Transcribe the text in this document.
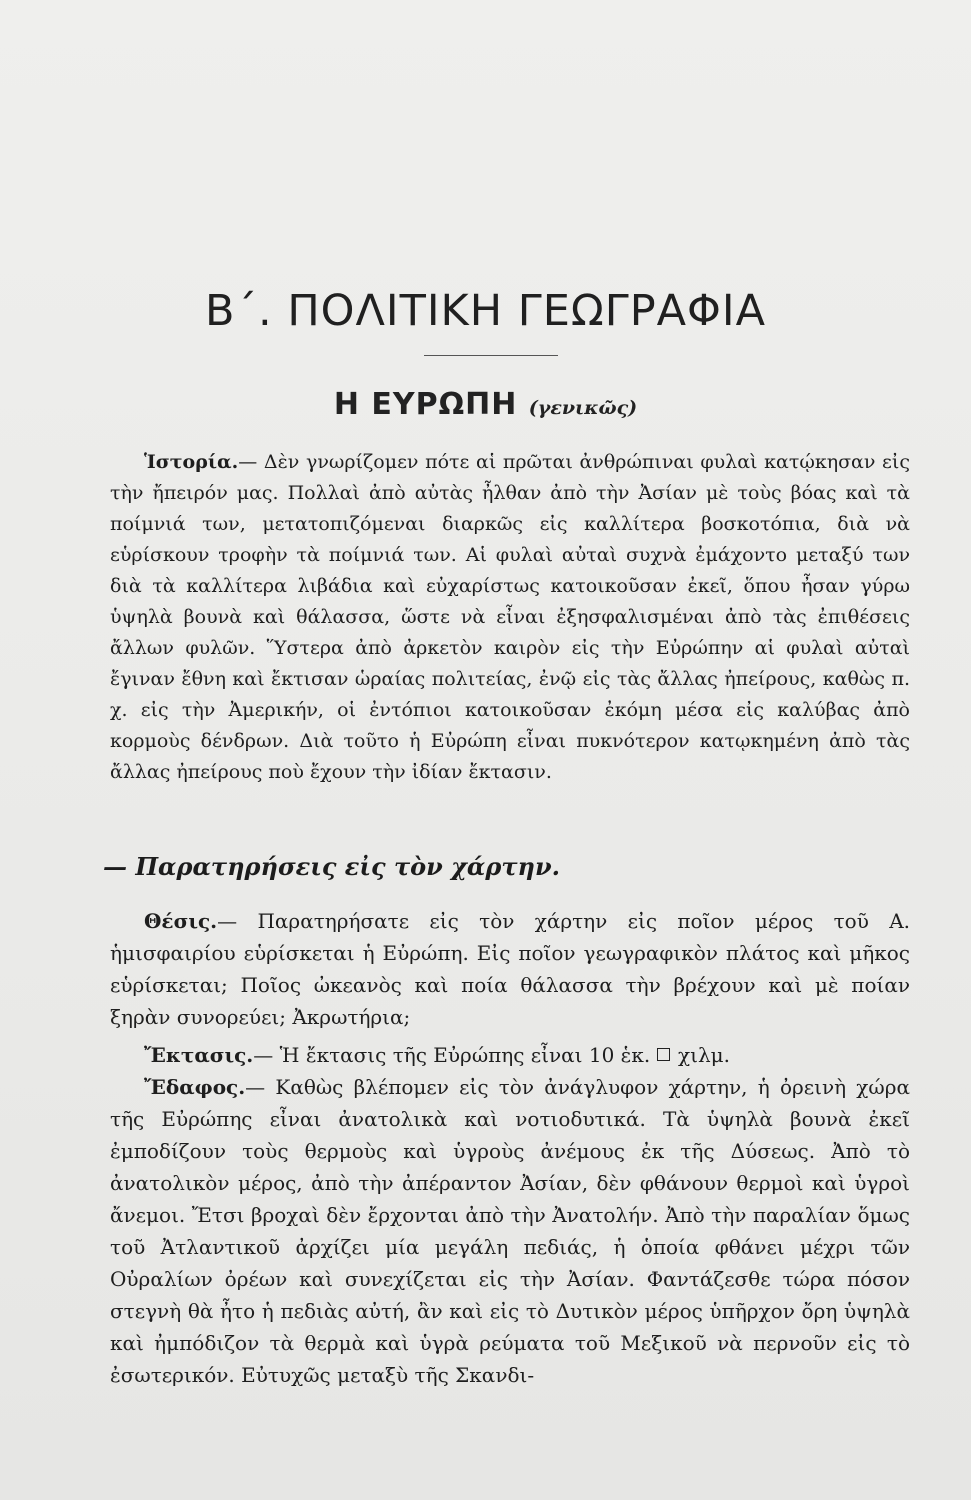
Β΄. ΠΟΛΙΤΙΚΗ ΓΕΩΓΡΑΦΙΑ
Η ΕΥΡΩΠΗ (γενικῶς)

Ἱστορία.— Δὲν γνωρίζομεν πότε αἱ πρῶται ἀνθρώπιναι φυλαὶ κατῴκησαν εἰς τὴν ἤπειρόν μας. Πολλαὶ ἀπὸ αὐτὰς ἦλθαν ἀπὸ τὴν Ἀσίαν μὲ τοὺς βόας καὶ τὰ ποίμνιά των, μετατοπιζόμεναι διαρκῶς εἰς καλλίτερα βοσκοτόπια, διὰ νὰ εὑρίσκουν τροφὴν τὰ ποίμνιά των. Αἱ φυλαὶ αὐταὶ συχνὰ ἐμάχοντο μεταξύ των διὰ τὰ καλλίτερα λιβάδια καὶ εὐχαρίστως κατοικοῦσαν ἐκεῖ, ὅπου ἦσαν γύρω ὑψηλὰ βουνὰ καὶ θάλασσα, ὥστε νὰ εἶναι ἐξησφαλισμέναι ἀπὸ τὰς ἐπιθέσεις ἄλλων φυλῶν. Ὕστερα ἀπὸ ἀρκετὸν καιρὸν εἰς τὴν Εὐρώπην αἱ φυλαὶ αὐταὶ ἔγιναν ἔθνη καὶ ἔκτισαν ὡραίας πολιτείας, ἐνῷ εἰς τὰς ἄλλας ἠπείρους, καθὼς π. χ. εἰς τὴν Ἀμερικήν, οἱ ἐντόπιοι κατοικοῦσαν ἐκόμη μέσα εἰς καλύβας ἀπὸ κορμοὺς δένδρων. Διὰ τοῦτο ἡ Εὐρώπη εἶναι πυκνότερον κατῳκημένη ἀπὸ τὰς ἄλλας ἠπείρους ποὺ ἔχουν τὴν ἰδίαν ἔκτασιν.

— Παρατηρήσεις εἰς τὸν χάρτην.

Θέσις.— Παρατηρήσατε εἰς τὸν χάρτην εἰς ποῖον μέρος τοῦ Α. ἡμισφαιρίου εὑρίσκεται ἡ Εὐρώπη. Εἰς ποῖον γεωγραφικὸν πλάτος καὶ μῆκος εὑρίσκεται; Ποῖος ὠκεανὸς καὶ ποία θάλασσα τὴν βρέχουν καὶ μὲ ποίαν ξηρὰν συνορεύει; Ἀκρωτήρια;

Ἔκτασις.— Ἡ ἔκτασις τῆς Εὐρώπης εἶναι 10 ἑκ. χιλμ.

Ἔδαφος.— Καθὼς βλέπομεν εἰς τὸν ἀνάγλυφον χάρτην, ἡ ὀρεινὴ χώρα τῆς Εὐρώπης εἶναι ἀνατολικὰ καὶ νοτιοδυτικά. Τὰ ὑψηλὰ βουνὰ ἐκεῖ ἐμποδίζουν τοὺς θερμοὺς καὶ ὑγροὺς ἀνέμους ἐκ τῆς Δύσεως. Ἀπὸ τὸ ἀνατολικὸν μέρος, ἀπὸ τὴν ἀπέραντον Ἀσίαν, δὲν φθάνουν θερμοὶ καὶ ὑγροὶ ἄνεμοι. Ἔτσι βροχαὶ δὲν ἔρχονται ἀπὸ τὴν Ἀνατολήν. Ἀπὸ τὴν παραλίαν ὅμως τοῦ Ἀτλαντικοῦ ἀρχίζει μία μεγάλη πεδιάς, ἡ ὁποία φθάνει μέχρι τῶν Οὐραλίων ὀρέων καὶ συνεχίζεται εἰς τὴν Ἀσίαν. Φαντάζεσθε τώρα πόσον στεγνὴ θὰ ἦτο ἡ πεδιὰς αὐτή, ἂν καὶ εἰς τὸ Δυτικὸν μέρος ὑπῆρχον ὄρη ὑψηλὰ καὶ ἠμπόδιζον τὰ θερμὰ καὶ ὑγρὰ ρεύματα τοῦ Μεξικοῦ νὰ περνοῦν εἰς τὸ ἐσωτερικόν. Εὐτυχῶς μεταξὺ τῆς Σκανδι-
